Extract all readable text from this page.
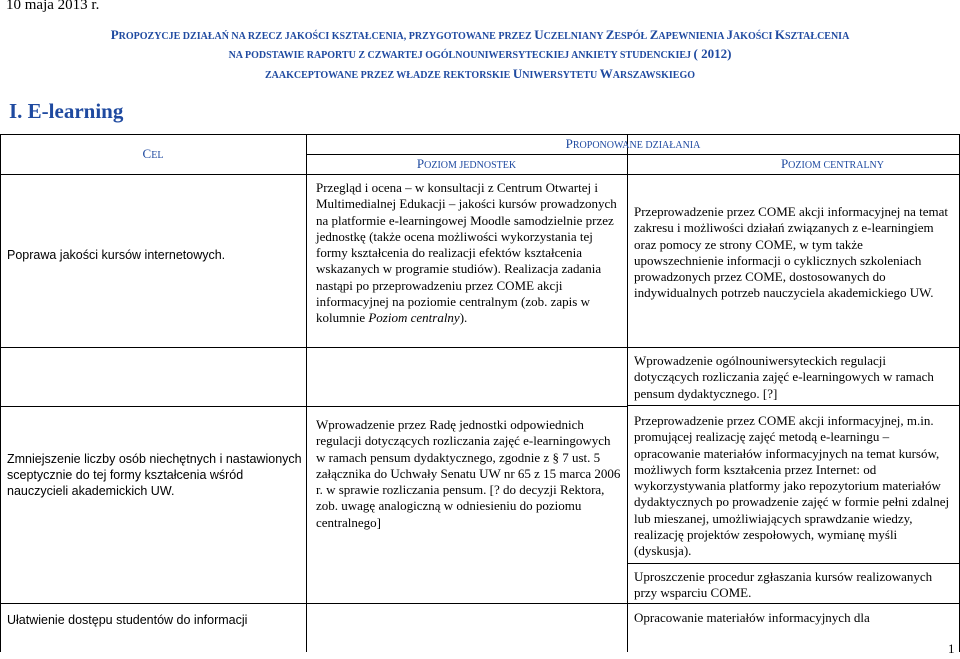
10 maja 2013 r.
PROPOZYCJE DZIAŁAŃ NA RZECZ JAKOŚCI KSZTAŁCENIA, PRZYGOTOWANE PRZEZ UCZELNIANY ZESPÓŁ ZAPEWNIENIA JAKOŚCI KSZTAŁCENIA
NA PODSTAWIE RAPORTU Z CZWARTEJ OGÓLNOUNIWERSYTECKIEJ ANKIETY STUDENCKIEJ ( 2012)
ZAAKCEPTOWANE PRZEZ WŁADZE REKTORSKIE UNIWERSYTETU WARSZAWSKIEGO
I. E-learning
CEL
PROPONOWANE DZIAŁANIA
POZIOM JEDNOSTEK	POZIOM CENTRALNY
Poprawa jakości kursów internetowych.
Zmniejszenie liczby osób niechętnych i nastawionych sceptycznie do tej formy kształcenia wśród nauczycieli akademickich UW.
Ułatwienie dostępu studentów do informacji
Przegląd i ocena – w konsultacji z Centrum Otwartej i Multimedialnej Edukacji – jakości kursów prowadzonych na platformie e-learningowej Moodle samodzielnie przez jednostkę (także ocena możliwości wykorzystania tej formy kształcenia do realizacji efektów kształcenia wskazanych w programie studiów). Realizacja zadania nastąpi po przeprowadzeniu przez COME akcji informacyjnej na poziomie centralnym (zob. zapis w kolumnie Poziom centralny).
Wprowadzenie przez Radę jednostki odpowiednich regulacji dotyczących rozliczania zajęć e-learningowych w ramach pensum dydaktycznego, zgodnie z § 7 ust. 5 załącznika do Uchwały Senatu UW nr 65 z 15 marca 2006 r. w sprawie rozliczania pensum. [? do decyzji Rektora, zob. uwagę analogiczną w odniesieniu do poziomu centralnego]
Przeprowadzenie przez COME akcji informacyjnej na temat zakresu i możliwości działań związanych z e-learningiem oraz pomocy ze strony COME, w tym także upowszechnienie informacji o cyklicznych szkoleniach prowadzonych przez COME, dostosowanych do indywidualnych potrzeb nauczyciela akademickiego UW.
Wprowadzenie ogólnouniwersyteckich regulacji dotyczących rozliczania zajęć e-learningowych w ramach pensum dydaktycznego. [?]
Przeprowadzenie przez COME akcji informacyjnej, m.in. promującej realizację zajęć metodą e-learningu – opracowanie materiałów informacyjnych na temat kursów, możliwych form kształcenia przez Internet: od wykorzystywania platformy jako repozytorium materiałów dydaktycznych po prowadzenie zajęć w formie pełni zdalnej lub mieszanej, umożliwiających sprawdzanie wiedzy, realizację projektów zespołowych, wymianę myśli (dyskusja).
Uproszczenie procedur zgłaszania kursów realizowanych przy wsparciu COME.
Opracowanie materiałów informacyjnych dla
1
